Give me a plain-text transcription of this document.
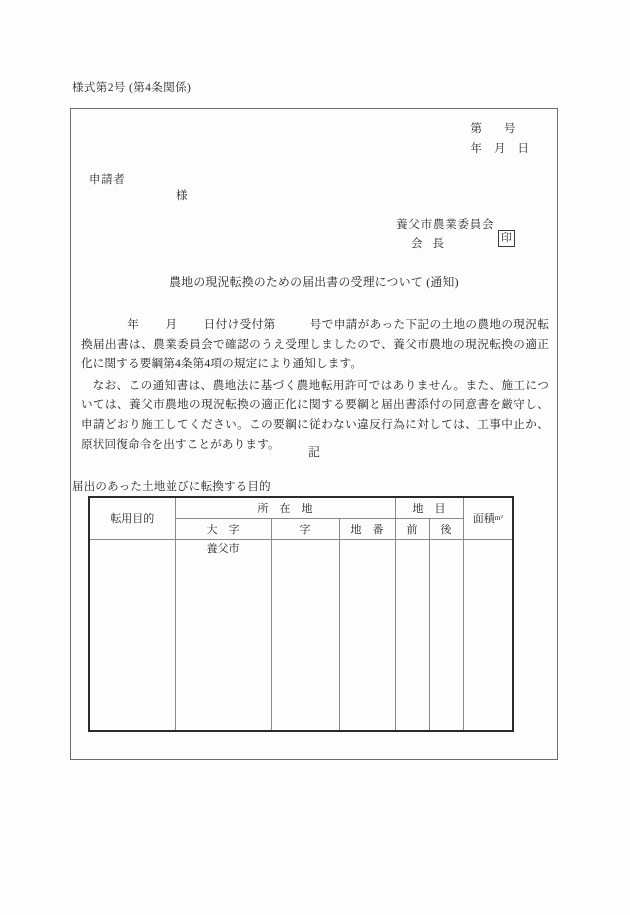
様式第2号 (第4条関係)
第 号
年 月 日
申請者
様
養父市農業委員会
会 長	印
農地の現況転換のための届出書の受理について (通知)

年 月 日付け受付第	号で申請があった下記の土地の農地の現況転換届出書は、農業委員会で確認のうえ受理しましたので、養父市農地の現況転換の適正化に関する要綱第4条第4項の規定により通知します。

なお、この通知書は、農地法に基づく農地転用許可ではありません。また、施工については、養父市農地の現況転換の適正化に関する要綱と届出書添付の同意書を厳守し、申請どおり施工してください。この要綱に従わない違反行為に対しては、工事中止か、原状回復命令を出すことがあります。

記
届出のあった土地並びに転換する目的
転用目的	所　在　地			地　目		面積m²
	大　字	字	地　番	前	後	
	養父市					
